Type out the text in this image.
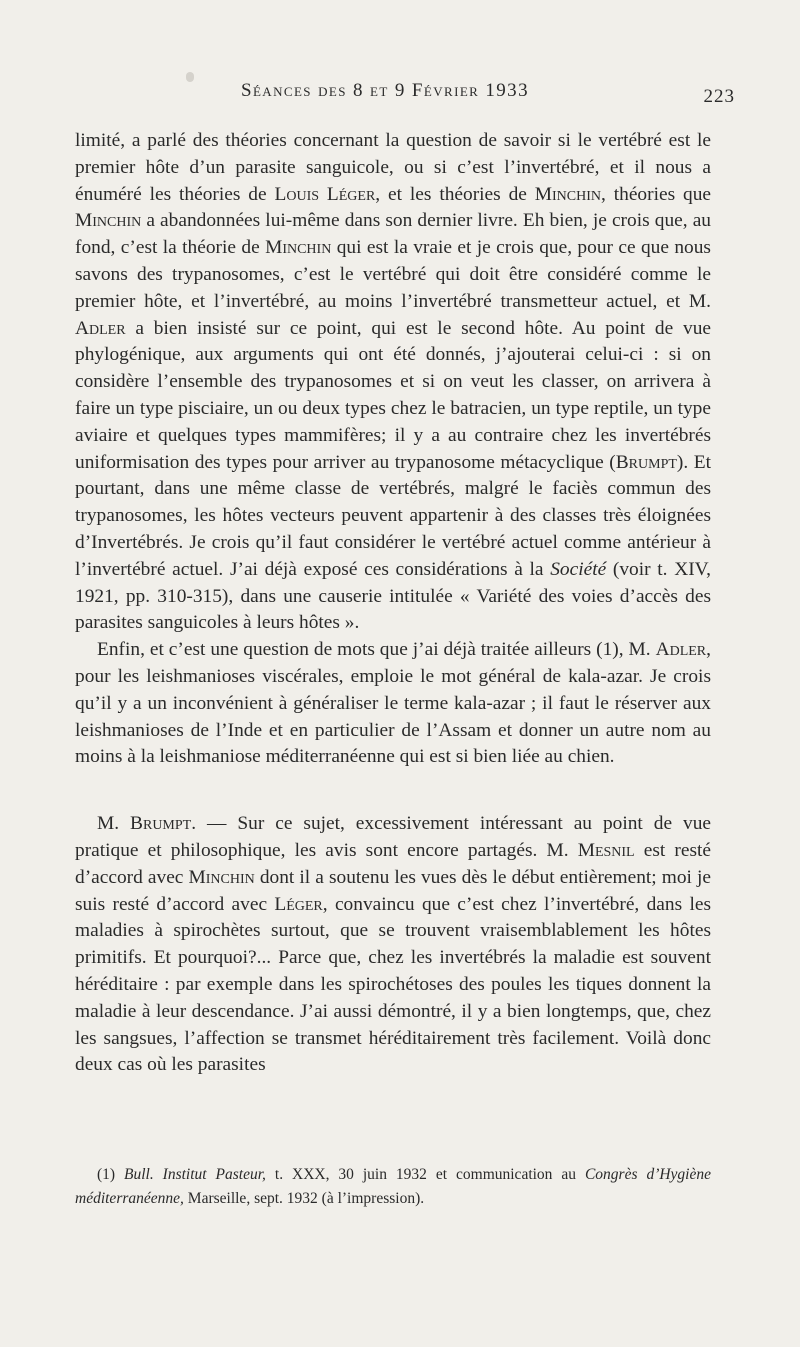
Séances des 8 et 9 Février 1933	223

limité, a parlé des théories concernant la question de savoir si le vertébré est le premier hôte d’un parasite sanguicole, ou si c’est l’invertébré, et il nous a énuméré les théories de Louis Léger, et les théories de Minchin, théories que Minchin a abandonnées lui-même dans son dernier livre. Eh bien, je crois que, au fond, c’est la théorie de Minchin qui est la vraie et je crois que, pour ce que nous savons des trypanosomes, c’est le vertébré qui doit être considéré comme le premier hôte, et l’invertébré, au moins l’invertébré transmetteur actuel, et M. Adler a bien insisté sur ce point, qui est le second hôte. Au point de vue phylogénique, aux arguments qui ont été donnés, j’ajouterai celui-ci : si on considère l’ensemble des trypanosomes et si on veut les classer, on arrivera à faire un type pisciaire, un ou deux types chez le batracien, un type reptile, un type aviaire et quelques types mammifères; il y a au contraire chez les invertébrés uniformisation des types pour arriver au trypanosome métacyclique (Brumpt). Et pourtant, dans une même classe de vertébrés, malgré le faciès commun des trypanosomes, les hôtes vecteurs peuvent appartenir à des classes très éloignées d’Invertébrés. Je crois qu’il faut considérer le vertébré actuel comme antérieur à l’invertébré actuel. J’ai déjà exposé ces considérations à la Société (voir t. XIV, 1921, pp. 310-315), dans une causerie intitulée « Variété des voies d’accès des parasites sanguicoles à leurs hôtes ».

Enfin, et c’est une question de mots que j’ai déjà traitée ailleurs (1), M. Adler, pour les leishmanioses viscérales, emploie le mot général de kala-azar. Je crois qu’il y a un inconvénient à généraliser le terme kala-azar ; il faut le réserver aux leishmanioses de l’Inde et en particulier de l’Assam et donner un autre nom au moins à la leishmaniose méditerranéenne qui est si bien liée au chien.

M. Brumpt. — Sur ce sujet, excessivement intéressant au point de vue pratique et philosophique, les avis sont encore partagés. M. Mesnil est resté d’accord avec Minchin dont il a soutenu les vues dès le début entièrement; moi je suis resté d’accord avec Léger, convaincu que c’est chez l’invertébré, dans les maladies à spirochètes surtout, que se trouvent vraisemblablement les hôtes primitifs. Et pourquoi?... Parce que, chez les invertébrés la maladie est souvent héréditaire : par exemple dans les spirochétoses des poules les tiques donnent la maladie à leur descendance. J’ai aussi démontré, il y a bien longtemps, que, chez les sangsues, l’affection se transmet héréditairement très facilement. Voilà donc deux cas où les parasites

(1) Bull. Institut Pasteur, t. XXX, 30 juin 1932 et communication au Congrès d’Hygiène méditerranéenne, Marseille, sept. 1932 (à l’impression).
